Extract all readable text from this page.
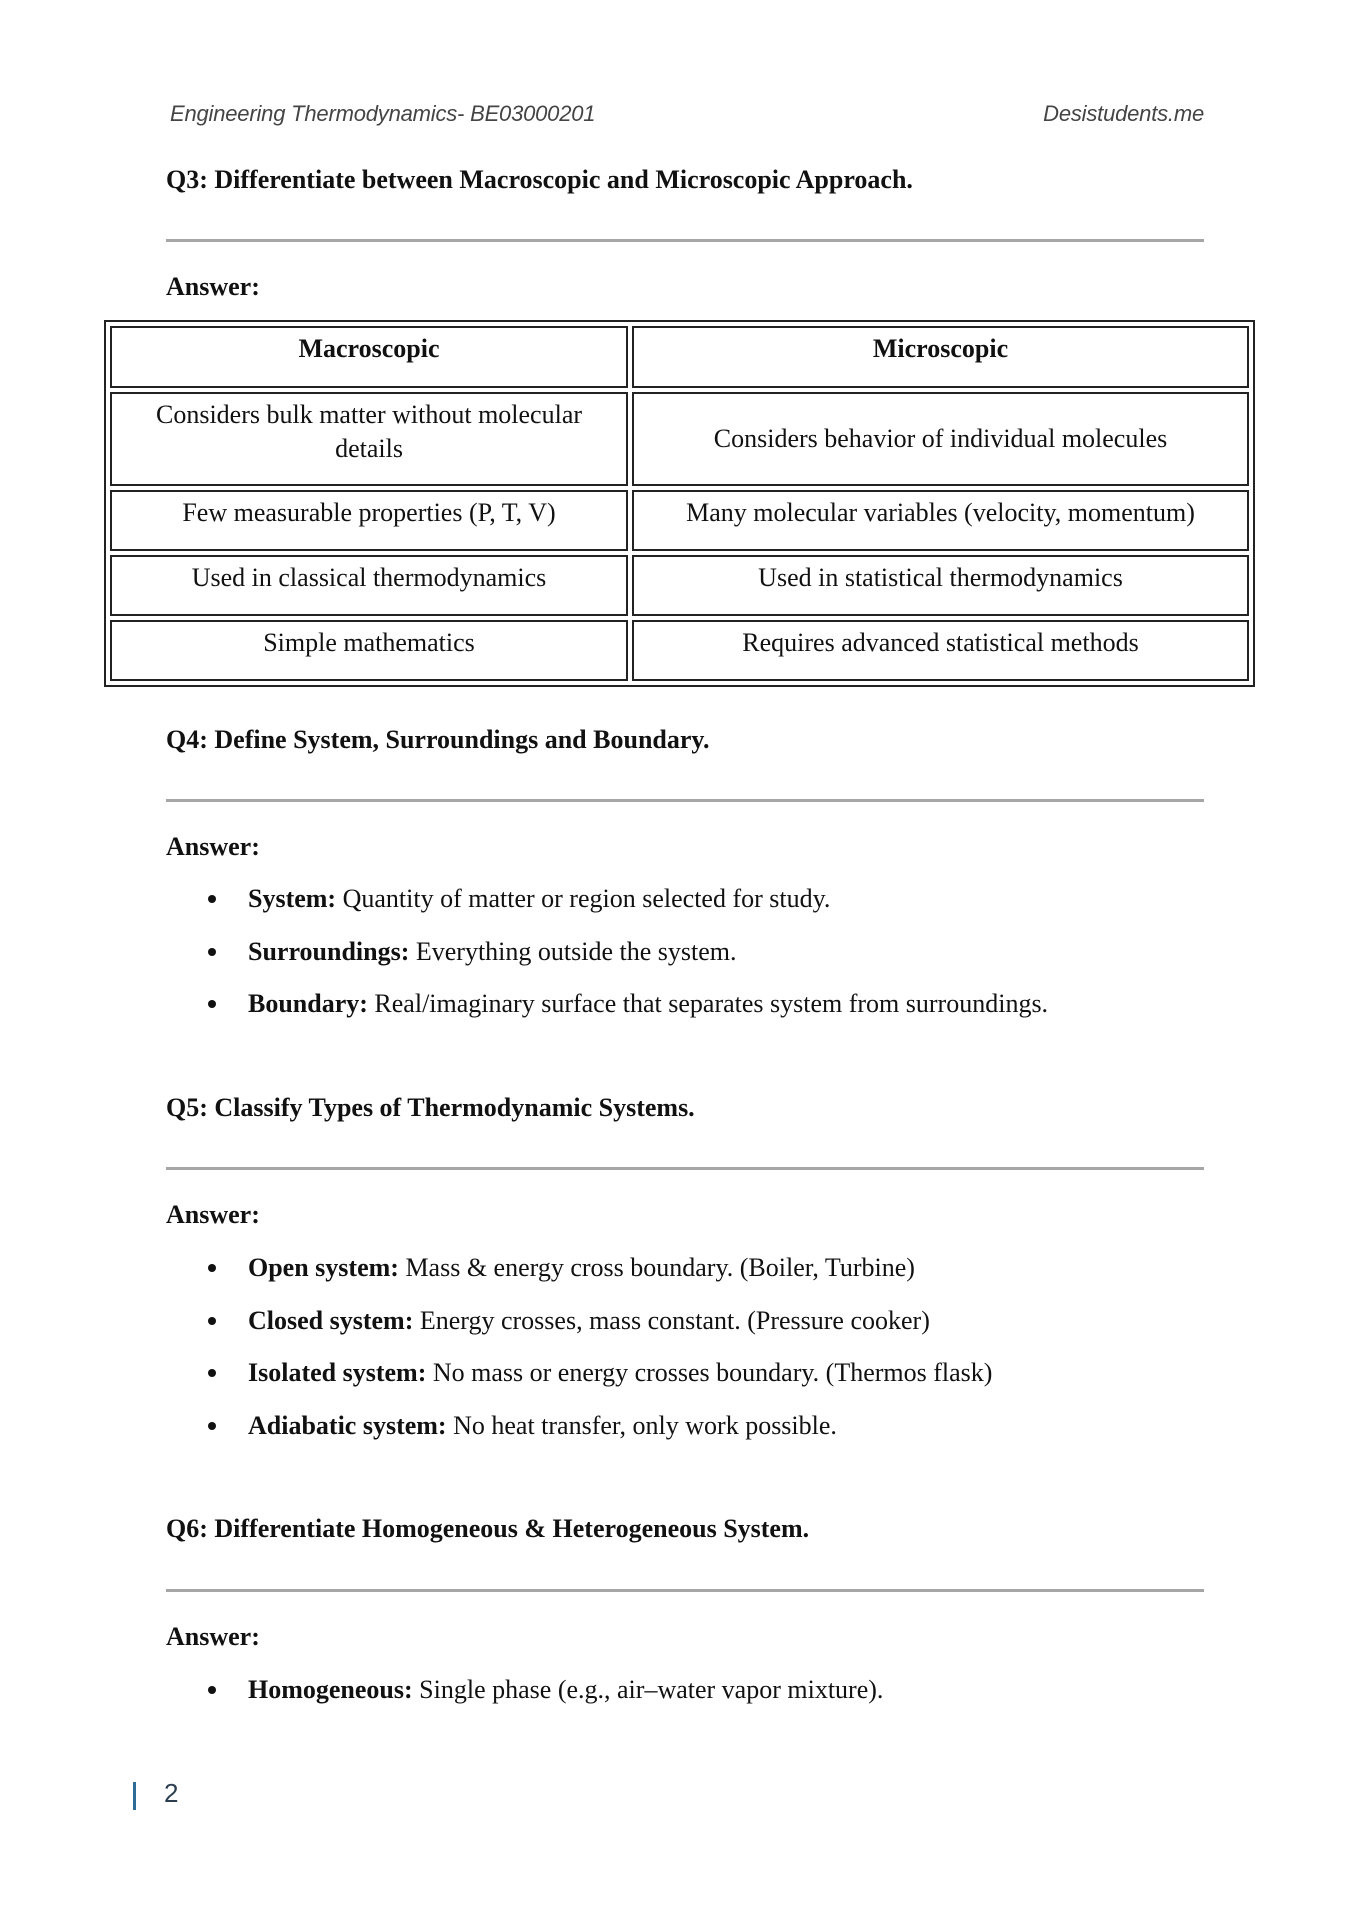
Engineering Thermodynamics- BE03000201	Desistudents.me
Q3: Differentiate between Macroscopic and Microscopic Approach.
Answer:
Macroscopic	Microscopic
Considers bulk matter without molecular details	Considers behavior of individual molecules
Few measurable properties (P, T, V)	Many molecular variables (velocity, momentum)
Used in classical thermodynamics	Used in statistical thermodynamics
Simple mathematics	Requires advanced statistical methods
Q4: Define System, Surroundings and Boundary.
Answer:
System: Quantity of matter or region selected for study.
Surroundings: Everything outside the system.
Boundary: Real/imaginary surface that separates system from surroundings.
Q5: Classify Types of Thermodynamic Systems.
Answer:
Open system: Mass & energy cross boundary. (Boiler, Turbine)
Closed system: Energy crosses, mass constant. (Pressure cooker)
Isolated system: No mass or energy crosses boundary. (Thermos flask)
Adiabatic system: No heat transfer, only work possible.
Q6: Differentiate Homogeneous & Heterogeneous System.
Answer:
Homogeneous: Single phase (e.g., air–water vapor mixture).
2
